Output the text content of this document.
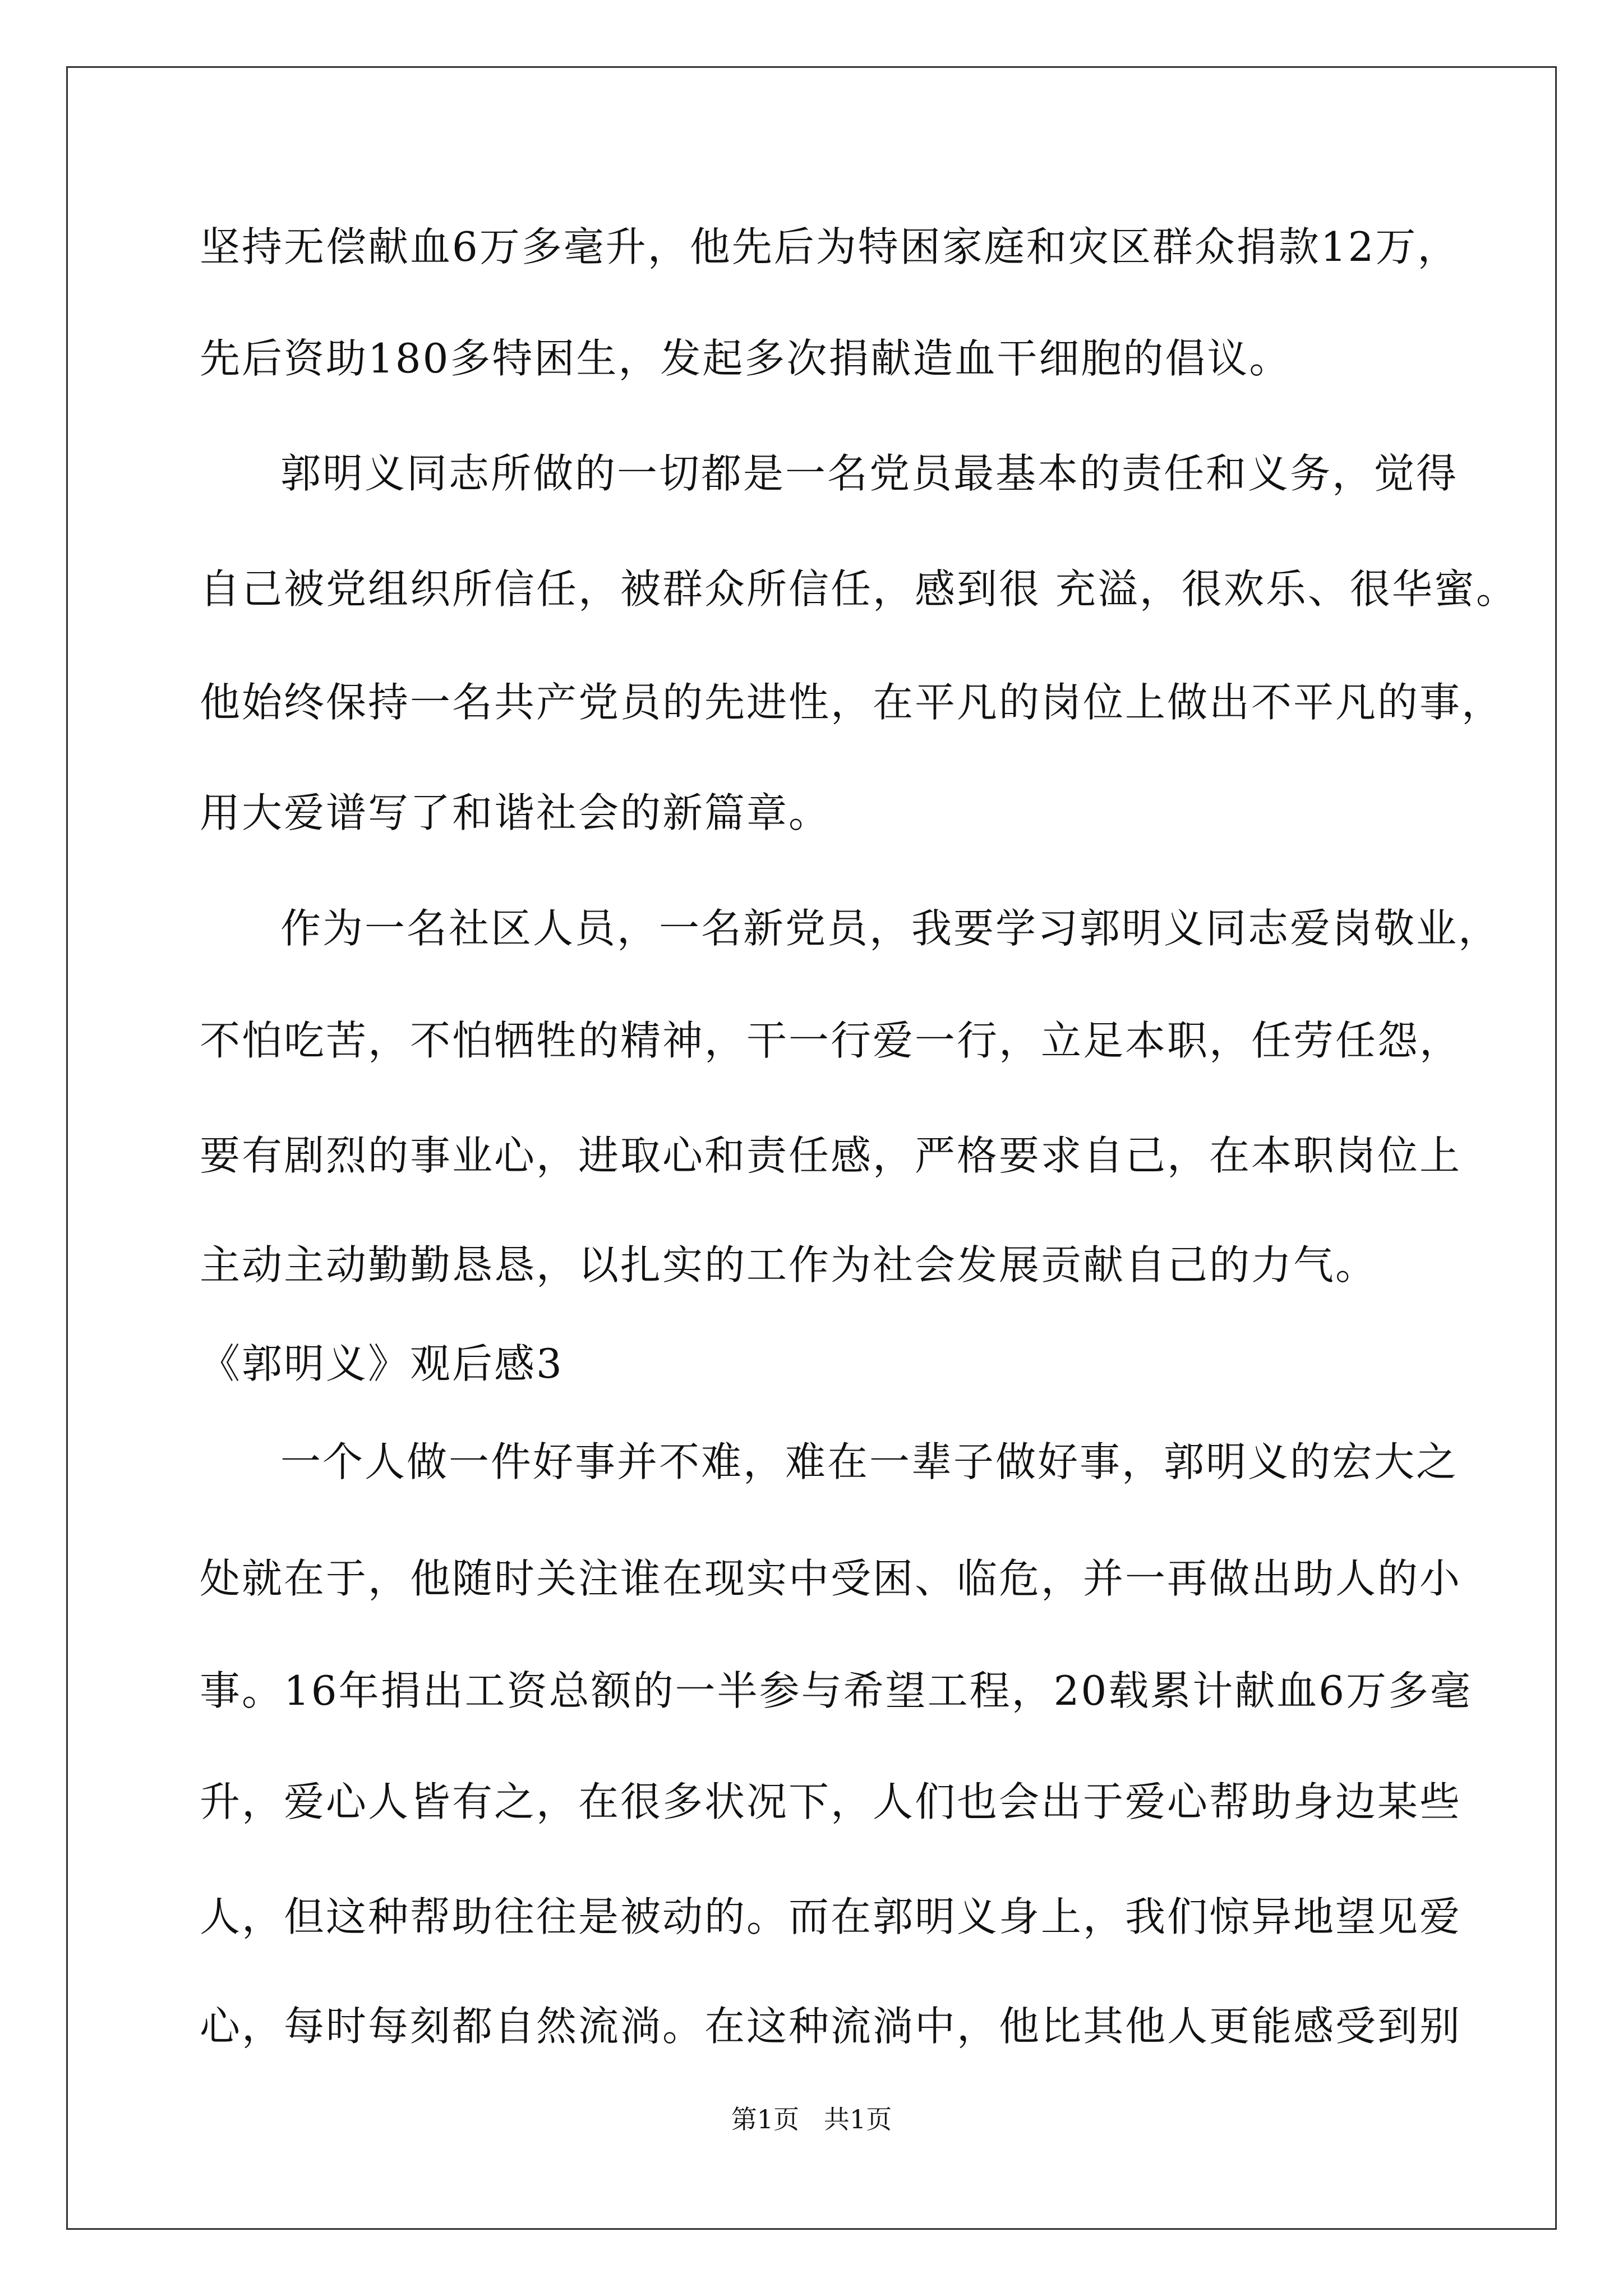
坚持无偿献血6万多毫升，他先后为特困家庭和灾区群众捐款12万，
先后资助180多特困生，发起多次捐献造血干细胞的倡议。
郭明义同志所做的一切都是一名党员最基本的责任和义务，觉得
自己被党组织所信任，被群众所信任，感到很 充溢，很欢乐、很华蜜。
他始终保持一名共产党员的先进性，在平凡的岗位上做出不平凡的事，
用大爱谱写了和谐社会的新篇章。
作为一名社区人员，一名新党员，我要学习郭明义同志爱岗敬业，
不怕吃苦，不怕牺牲的精神，干一行爱一行，立足本职，任劳任怨，
要有剧烈的事业心，进取心和责任感，严格要求自己，在本职岗位上
主动主动勤勤恳恳，以扎实的工作为社会发展贡献自己的力气。
《郭明义》观后感3
一个人做一件好事并不难，难在一辈子做好事，郭明义的宏大之
处就在于，他随时关注谁在现实中受困、临危，并一再做出助人的小
事。16年捐出工资总额的一半参与希望工程，20载累计献血6万多毫
升，爱心人皆有之，在很多状况下，人们也会出于爱心帮助身边某些
人，但这种帮助往往是被动的。而在郭明义身上，我们惊异地望见爱
心，每时每刻都自然流淌。在这种流淌中，他比其他人更能感受到别
第1页   共1页
